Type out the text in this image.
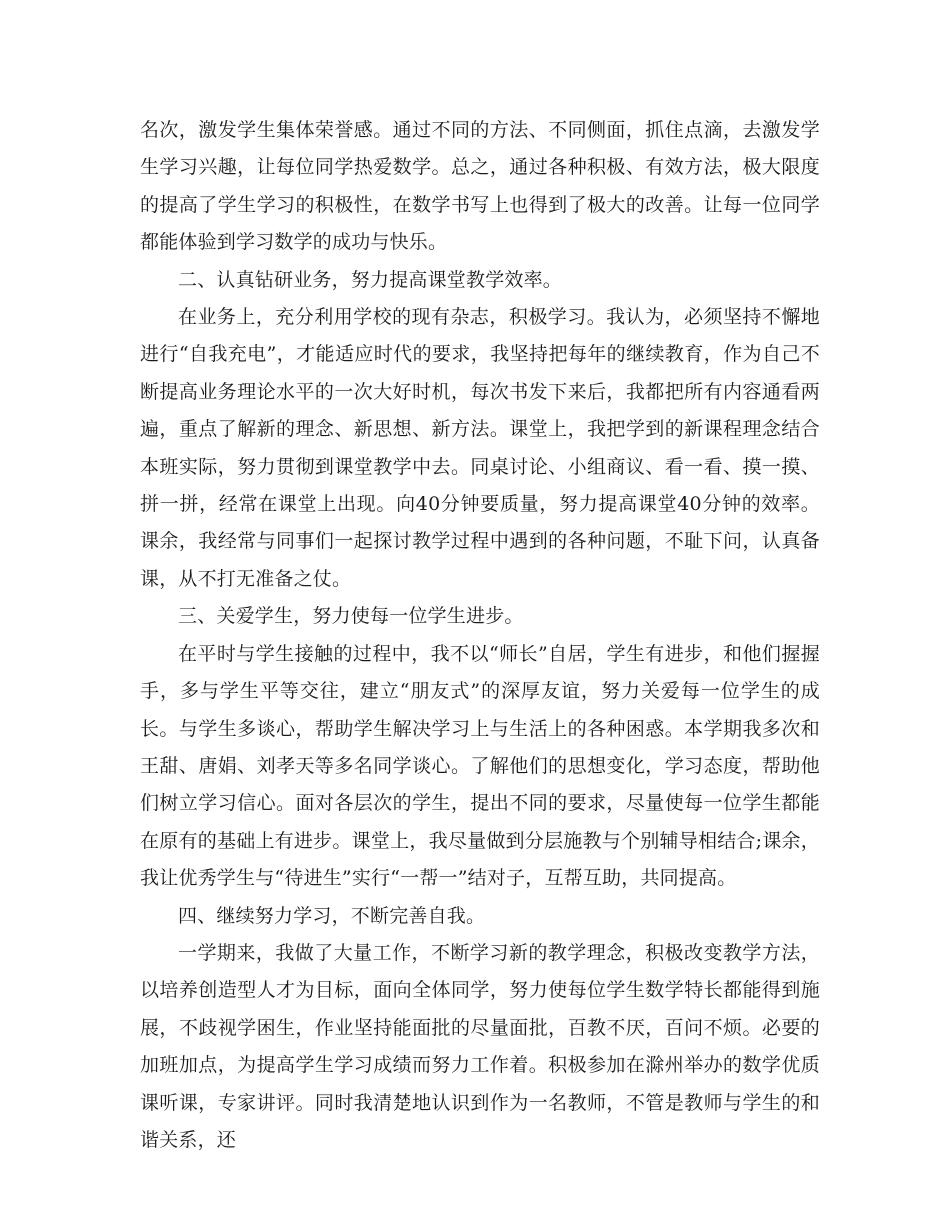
名次，激发学生集体荣誉感。通过不同的方法、不同侧面，抓住点滴，去激发学生学习兴趣，让每位同学热爱数学。总之，通过各种积极、有效方法，极大限度的提高了学生学习的积极性，在数学书写上也得到了极大的改善。让每一位同学都能体验到学习数学的成功与快乐。

二、认真钻研业务，努力提高课堂教学效率。

在业务上，充分利用学校的现有杂志，积极学习。我认为，必须坚持不懈地进行“自我充电”，才能适应时代的要求，我坚持把每年的继续教育，作为自己不断提高业务理论水平的一次大好时机，每次书发下来后，我都把所有内容通看两遍，重点了解新的理念、新思想、新方法。课堂上，我把学到的新课程理念结合本班实际，努力贯彻到课堂教学中去。同桌讨论、小组商议、看一看、摸一摸、拼一拼，经常在课堂上出现。向40分钟要质量，努力提高课堂40分钟的效率。课余，我经常与同事们一起探讨教学过程中遇到的各种问题，不耻下问，认真备课，从不打无准备之仗。

三、关爱学生，努力使每一位学生进步。

在平时与学生接触的过程中，我不以“师长”自居，学生有进步，和他们握握手，多与学生平等交往，建立“朋友式”的深厚友谊，努力关爱每一位学生的成长。与学生多谈心，帮助学生解决学习上与生活上的各种困惑。本学期我多次和王甜、唐娟、刘孝天等多名同学谈心。了解他们的思想变化，学习态度，帮助他们树立学习信心。面对各层次的学生，提出不同的要求，尽量使每一位学生都能在原有的基础上有进步。课堂上，我尽量做到分层施教与个别辅导相结合;课余，我让优秀学生与“待进生”实行“一帮一”结对子，互帮互助，共同提高。

四、继续努力学习，不断完善自我。

一学期来，我做了大量工作，不断学习新的教学理念，积极改变教学方法，以培养创造型人才为目标，面向全体同学，努力使每位学生数学特长都能得到施展，不歧视学困生，作业坚持能面批的尽量面批，百教不厌，百问不烦。必要的加班加点，为提高学生学习成绩而努力工作着。积极参加在滁州举办的数学优质课听课，专家讲评。同时我清楚地认识到作为一名教师，不管是教师与学生的和谐关系，还
